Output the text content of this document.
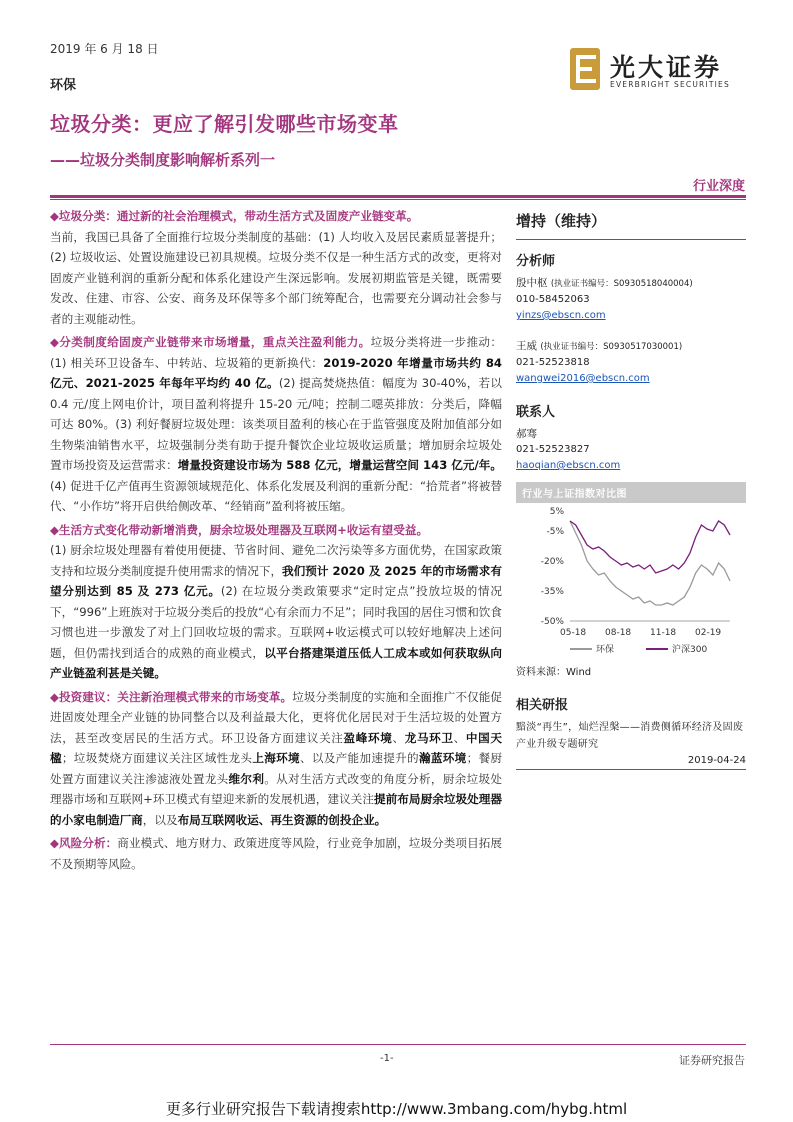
2019 年 6 月 18 日
环保
垃圾分类：更应了解引发哪些市场变革
——垃圾分类制度影响解析系列一
光大证券
EVERBRIGHT SECURITIES
行业深度

◆垃圾分类：通过新的社会治理模式，带动生活方式及固废产业链变革。
当前，我国已具备了全面推行垃圾分类制度的基础：(1) 人均收入及居民素质显著提升；(2) 垃圾收运、处置设施建设已初具规模。垃圾分类不仅是一种生活方式的改变，更将对固废产业链利润的重新分配和体系化建设产生深远影响。发展初期监管是关键，既需要发改、住建、市容、公安、商务及环保等多个部门统筹配合，也需要充分调动社会参与者的主观能动性。

◆分类制度给固废产业链带来市场增量，重点关注盈利能力。垃圾分类将进一步推动：(1) 相关环卫设备车、中转站、垃圾箱的更新换代：2019-2020 年增量市场共约 84 亿元、2021-2025 年每年平均约 40 亿。(2) 提高焚烧热值：幅度为 30-40%，若以 0.4 元/度上网电价计，项目盈利将提升 15-20 元/吨；控制二噁英排放：分类后，降幅可达 80%。(3) 利好餐厨垃圾处理：该类项目盈利的核心在于监管强度及附加值部分如生物柴油销售水平，垃圾强制分类有助于提升餐饮企业垃圾收运质量；增加厨余垃圾处置市场投资及运营需求：增量投资建设市场为 588 亿元，增量运营空间 143 亿元/年。(4) 促进千亿产值再生资源领域规范化、体系化发展及利润的重新分配：“拾荒者”将被替代、“小作坊”将开启供给侧改革、“经销商”盈利将被压缩。

◆生活方式变化带动新增消费，厨余垃圾处理器及互联网+收运有望受益。
(1) 厨余垃圾处理器有着使用便捷、节省时间、避免二次污染等多方面优势，在国家政策支持和垃圾分类制度提升使用需求的情况下，我们预计 2020 及 2025 年的市场需求有望分别达到 85 及 273 亿元。(2) 在垃圾分类政策要求“定时定点”投放垃圾的情况下，“996”上班族对于垃圾分类后的投放“心有余而力不足”；同时我国的居住习惯和饮食习惯也进一步激发了对上门回收垃圾的需求。互联网+收运模式可以较好地解决上述问题，但仍需找到适合的成熟的商业模式，以平台搭建渠道压低人工成本或如何获取纵向产业链盈利甚是关键。

◆投资建议：关注新治理模式带来的市场变革。垃圾分类制度的实施和全面推广不仅能促进固废处理全产业链的协同整合以及利益最大化，更将优化居民对于生活垃圾的处置方法，甚至改变居民的生活方式。环卫设备方面建议关注盈峰环境、龙马环卫、中国天楹；垃圾焚烧方面建议关注区域性龙头上海环境、以及产能加速提升的瀚蓝环境；餐厨处置方面建议关注渗滤液处置龙头维尔利。从对生活方式改变的角度分析，厨余垃圾处理器市场和互联网+环卫模式有望迎来新的发展机遇，建议关注提前布局厨余垃圾处理器的小家电制造厂商，以及布局互联网收运、再生资源的创投企业。

◆风险分析：商业模式、地方财力、政策进度等风险，行业竞争加剧，垃圾分类项目拓展不及预期等风险。

增持（维持）
分析师
殷中枢 (执业证书编号：S0930518040004)
010-58452063
yinzs@ebscn.com
王威 (执业证书编号：S0930517030001)
021-52523818
wangwei2016@ebscn.com
联系人
郝骞
021-52523827
haoqian@ebscn.com
行业与上证指数对比图
5%
-5%
-20%
-35%
-50%
05-18 08-18 11-18 02-19
环保	沪深300
资料来源：Wind
相关研报
黯淡“再生”，灿烂涅槃——消费侧循环经济及固废产业升级专题研究
2019-04-24
-1-	证券研究报告
更多行业研究报告下载请搜索http://www.3mbang.com/hybg.html
